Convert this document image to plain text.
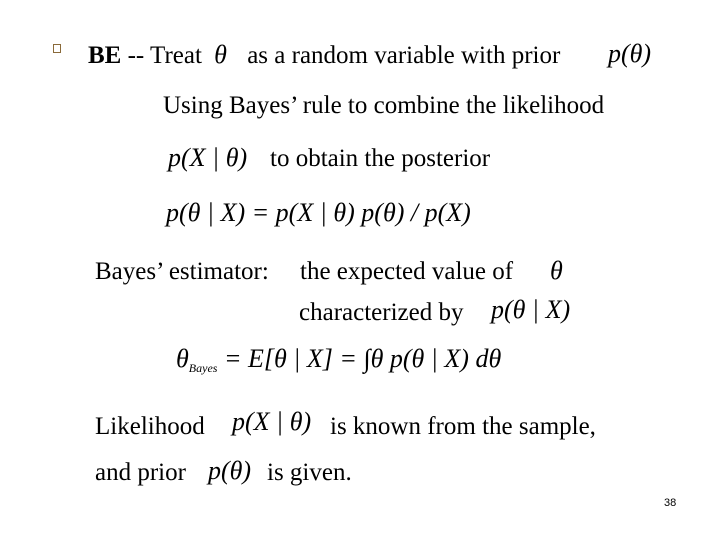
BE -- Treat θ as a random variable with prior p(θ)
Using Bayes’ rule to combine the likelihood
p(X | θ) to obtain the posterior
p(θ | X) = p(X | θ) p(θ) / p(X)
Bayes’ estimator: the expected value of θ
characterized by p(θ | X)
$\theta_{Bayes} = E[\theta$ | X] = ∫θ p(θ | X) dθ
Likelihood p(X | θ) is known from the sample,
and prior p(θ) is given.
38
